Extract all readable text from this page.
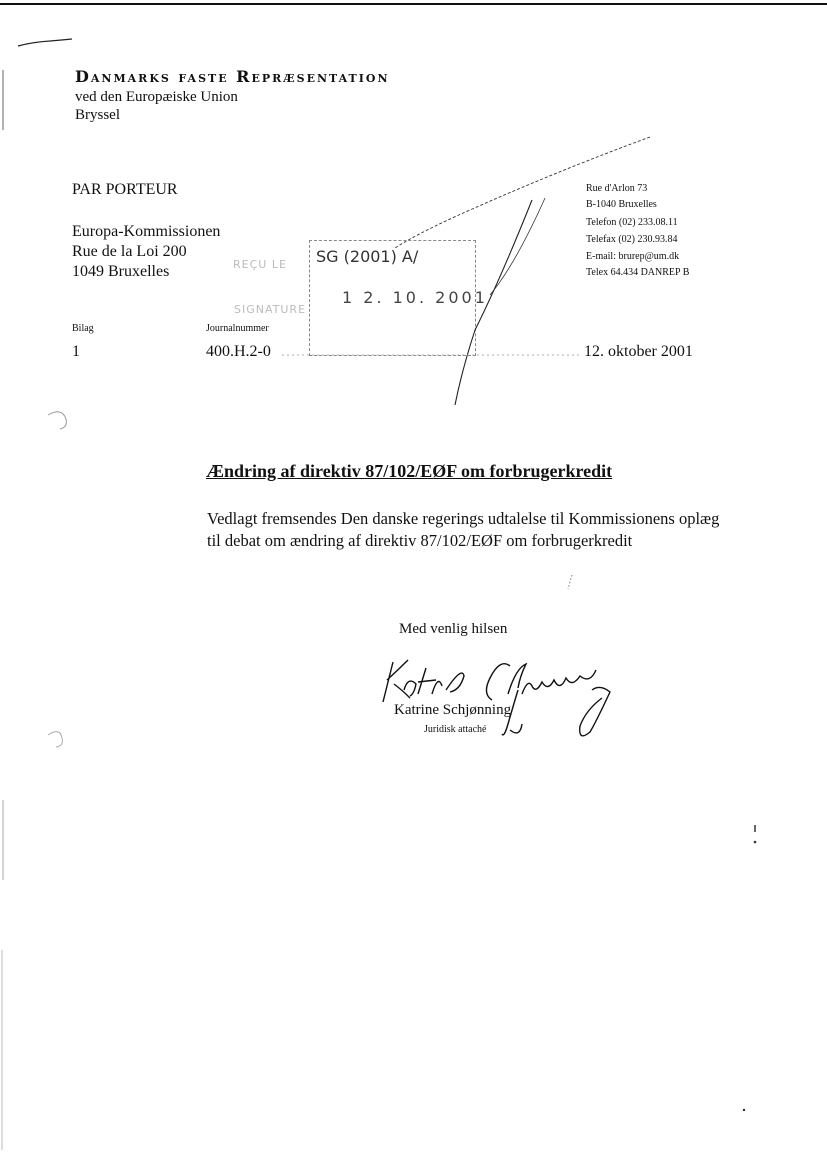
Danmarks faste Repræsentation
ved den Europæiske Union
Bryssel
PAR PORTEUR
Europa-Kommissionen
Rue de la Loi 200
1049 Bruxelles
Rue d'Arlon 73
B-1040 Bruxelles
Telefon (02) 233.08.11
Telefax (02) 230.93.84
E-mail: brurep@um.dk
Telex 64.434 DANREP B
SG (2001) A/
1 2. 10. 2001
REÇU LE
SIGNATURE
Bilag
1
Journalnummer
400.H.2-0	12. oktober 2001
Ændring af direktiv 87/102/EØF om forbrugerkredit
Vedlagt fremsendes Den danske regerings udtalelse til Kommissionens oplæg til debat om ændring af direktiv 87/102/EØF om forbrugerkredit
Med venlig hilsen
Katrine Schjønning
Juridisk attaché
